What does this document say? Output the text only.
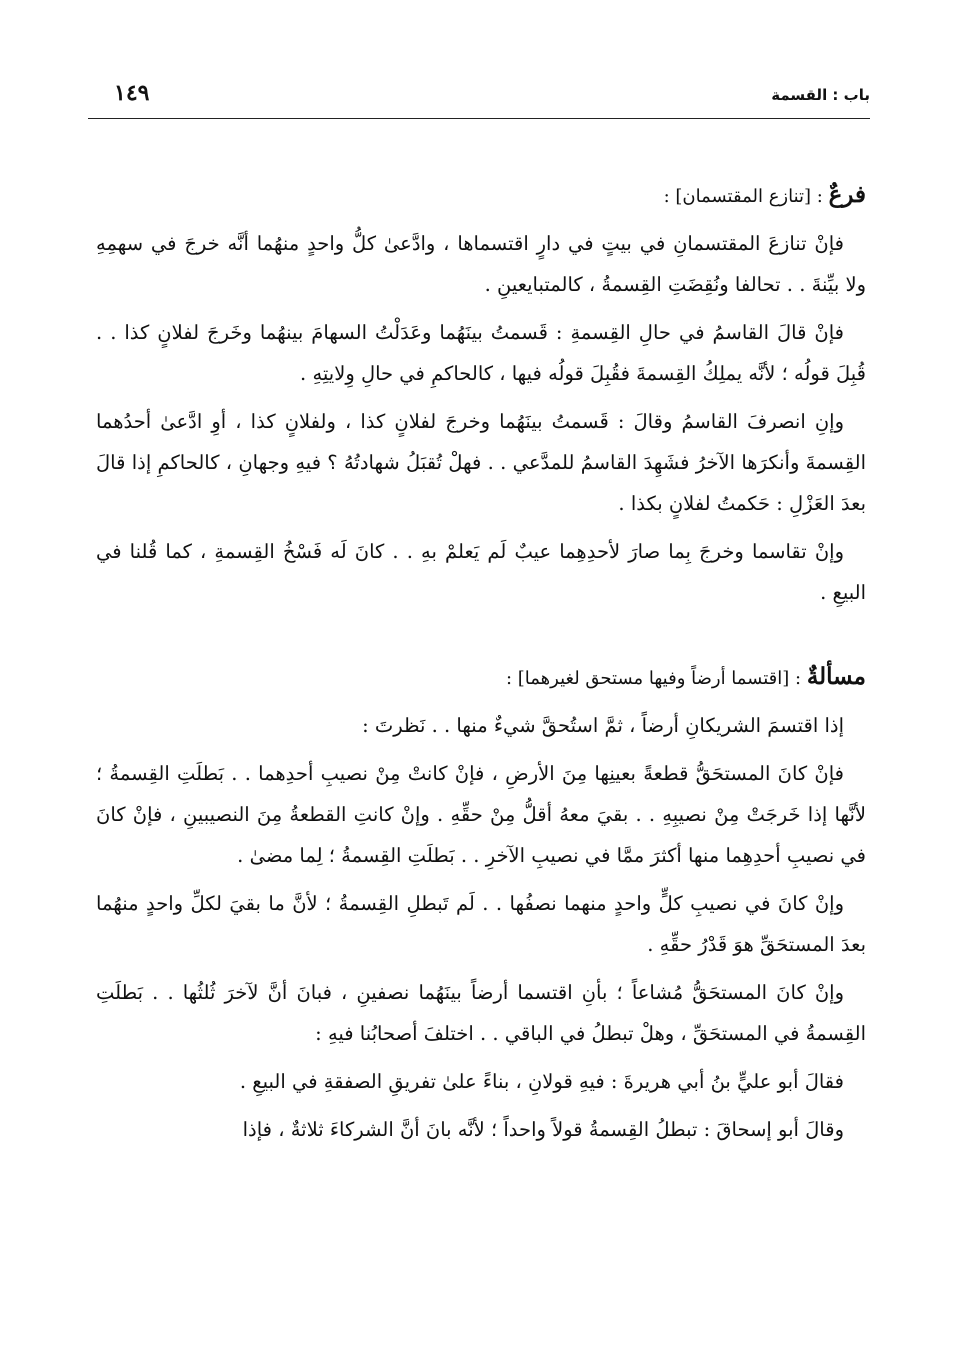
باب : القسمة
١٤٩

فرعٌ : [تنازع المقتسمان] :

فإنْ تنازعَ المقتسمانِ في بيتٍ في دارٍ اقتسماها ، وادَّعىٰ كلُّ واحدٍ منهُما أنَّه خرجَ في سهمِهِ ولا بيِّنةَ . . تحالفا ونُقِضَتِ القِسمةُ ، كالمتبايعينِ .

فإنْ قالَ القاسمُ في حالِ القِسمةِ : قَسمتُ بينَهُما وعَدَلْتُ السهامَ بينهُما وخَرجَ لفلانٍ كذا . . قُبِلَ قولُه ؛ لأنَّه يملِكُ القِسمةَ فقُبِلَ قولُه فيها ، كالحاكمِ في حالِ وِلايتِهِ .

وإنِ انصرفَ القاسمُ وقالَ : قَسمتُ بينَهُما وخرجَ لفلانٍ كذا ، ولفلانٍ كذا ، أوِ ادَّعىٰ أحدُهما القِسمةَ وأنكرَها الآخرُ فشَهِدَ القاسمُ للمدَّعي . . فهلْ تُقبَلُ شهادتُهُ ؟ فيهِ وجهانِ ، كالحاكمِ إذا قالَ بعدَ العَزْلِ : حَكمتُ لفلانٍ بكذا .

وإنْ تقاسما وخرجَ بِما صارَ لأحدِهِما عيبٌ لَم يَعلمْ بهِ . . كانَ لَه فَسْخُ القِسمةِ ، كما قُلنا في البيعِ .

مسألةٌ : [اقتسما أرضاً وفيها مستحق لغيرهما] :

إذا اقتسمَ الشريكانِ أرضاً ، ثمَّ استُحقَّ شيءٌ منها . . نَظرتَ :

فإنْ كانَ المستحَقُّ قطعةً بعينِها مِنَ الأرضِ ، فإنْ كانتْ مِنْ نصيبِ أحدِهما . . بَطلَتِ القِسمةُ ؛ لأنَّها إذا خَرجَتْ مِنْ نصيبِهِ . . بقيَ معهُ أقلُّ مِنْ حقِّهِ . وإنْ كانتِ القطعةُ مِنَ النصيبينِ ، فإنْ كانَ في نصيبِ أحدِهِما منها أكثرَ ممَّا في نصيبِ الآخرِ . . بَطلَتِ القِسمةُ ؛ لِما مضىٰ .

وإنْ كانَ في نصيبِ كلٍّ واحدٍ منهما نصفُها . . لَم تَبطلِ القِسمةُ ؛ لأنَّ ما بقيَ لكلِّ واحدٍ منهُما بعدَ المستحَقِّ هوَ قَدْرُ حقِّهِ .

وإنْ كانَ المستحَقُّ مُشاعاً ؛ بأنِ اقتسما أرضاً بينَهُما نصفينِ ، فبانَ أنَّ لآخرَ ثُلثُها . . بَطلَتِ القِسمةُ في المستحَقِّ ، وهلْ تبطلُ في الباقي . . اختلفَ أصحابُنا فيهِ :

فقالَ أبو عليٍّ بنُ أبي هريرةَ : فيهِ قولانِ ، بناءً علىٰ تفريقِ الصفقةِ في البيعِ .

وقالَ أبو إسحاقَ : تبطلُ القِسمةُ قولاً واحداً ؛ لأنَّه بانَ أنَّ الشركاءَ ثلاثةٌ ، فإذا
